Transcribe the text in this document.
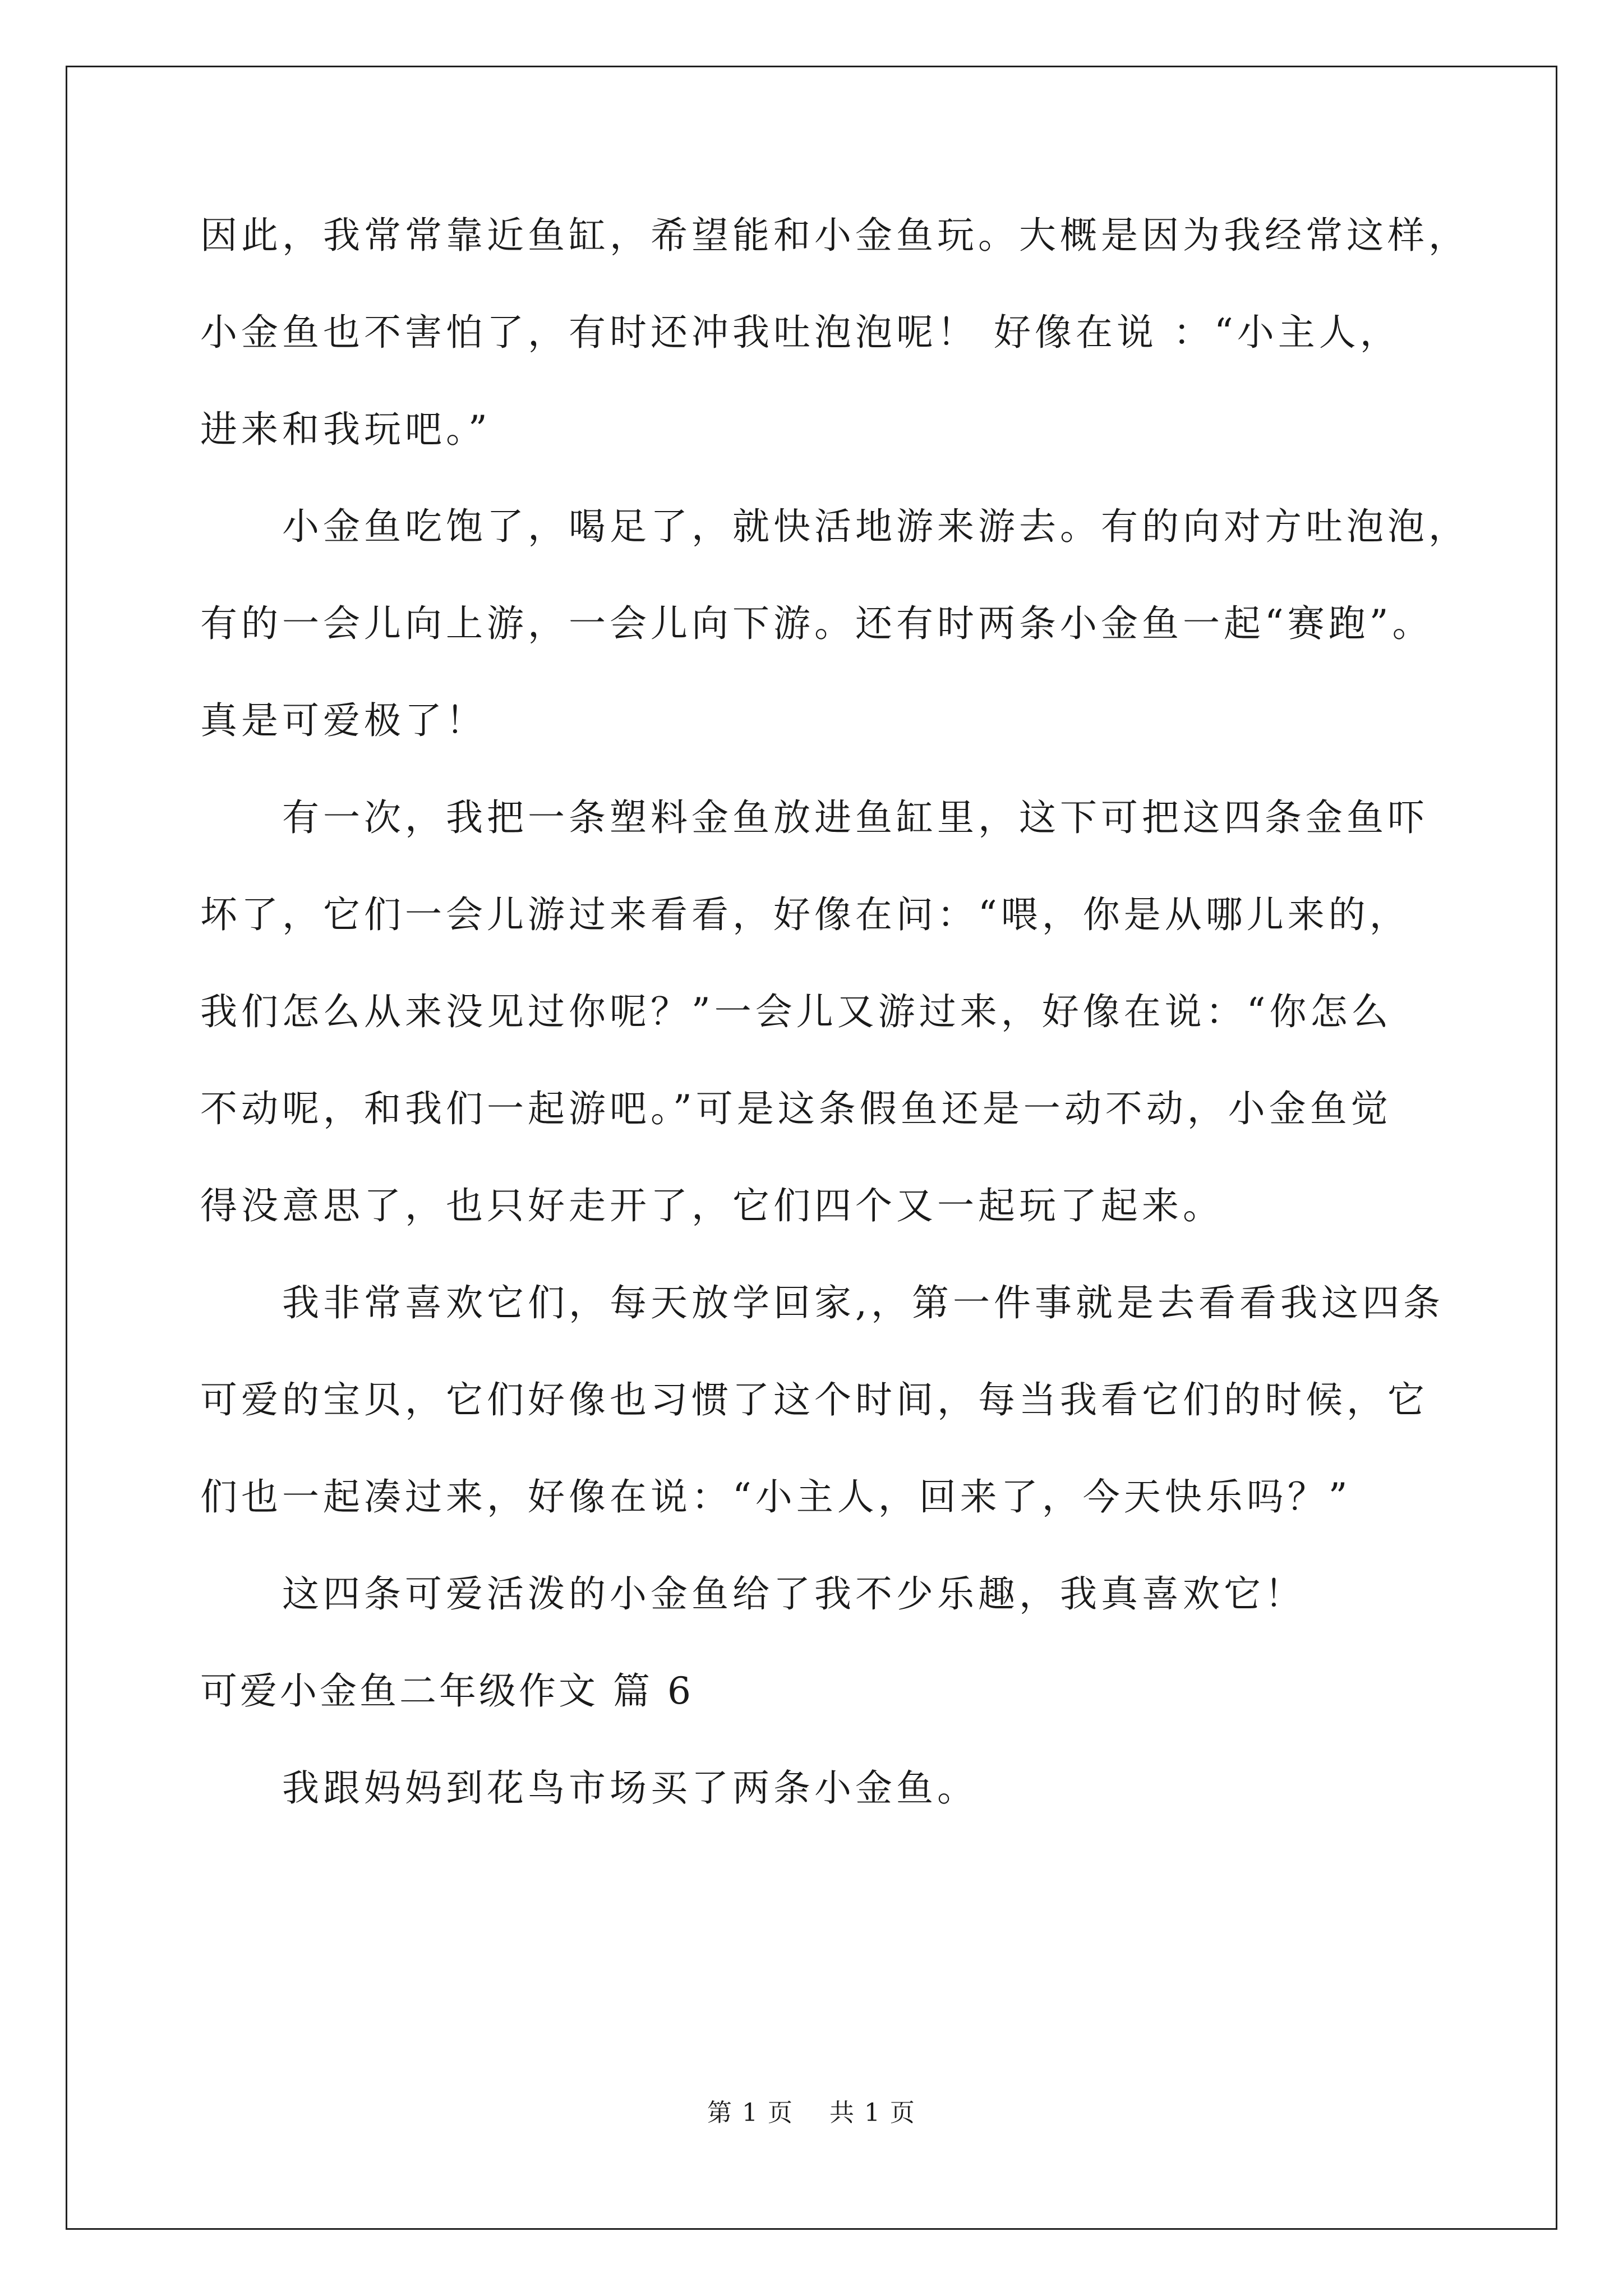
因此，我常常靠近鱼缸，希望能和小金鱼玩。大概是因为我经常这样，
小金鱼也不害怕了，有时还冲我吐泡泡呢！ 好像在说 ：“小主人，
进来和我玩吧。”
小金鱼吃饱了，喝足了，就快活地游来游去。有的向对方吐泡泡，
有的一会儿向上游，一会儿向下游。还有时两条小金鱼一起“赛跑”。
真是可爱极了！
有一次，我把一条塑料金鱼放进鱼缸里，这下可把这四条金鱼吓
坏了，它们一会儿游过来看看，好像在问：“喂，你是从哪儿来的，
我们怎么从来没见过你呢？”一会儿又游过来，好像在说：“你怎么
不动呢，和我们一起游吧。”可是这条假鱼还是一动不动，小金鱼觉
得没意思了，也只好走开了，它们四个又一起玩了起来。
我非常喜欢它们，每天放学回家,，第一件事就是去看看我这四条
可爱的宝贝，它们好像也习惯了这个时间，每当我看它们的时候，它
们也一起凑过来，好像在说：“小主人，回来了，今天快乐吗？”
这四条可爱活泼的小金鱼给了我不少乐趣，我真喜欢它！
可爱小金鱼二年级作文 篇 6
我跟妈妈到花鸟市场买了两条小金鱼。
第 1 页    共 1 页
